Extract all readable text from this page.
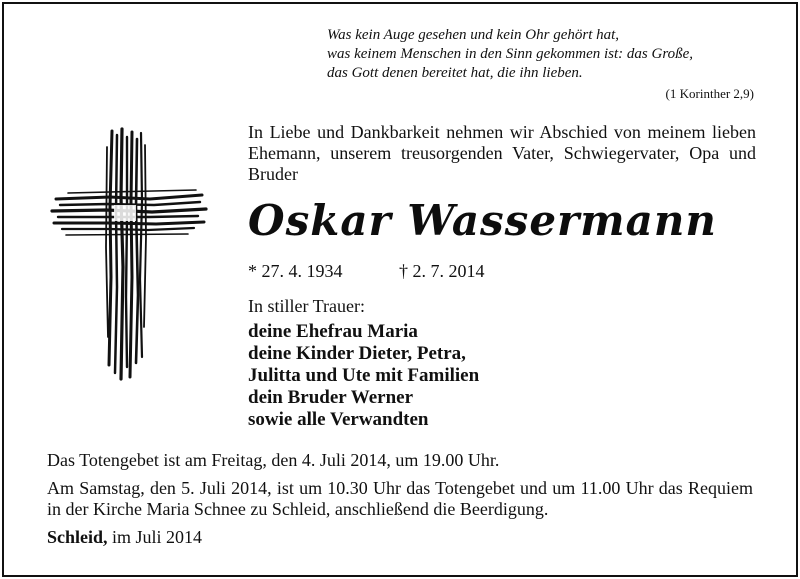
Was kein Auge gesehen und kein Ohr gehört hat,
was keinem Menschen in den Sinn gekommen ist: das Große,
das Gott denen bereitet hat, die ihn lieben.
(1 Korinther 2,9)
In Liebe und Dankbarkeit nehmen wir Abschied von meinem lieben Ehemann, unserem treusorgenden Vater, Schwiegervater, Opa und Bruder
Oskar Wassermann
* 27. 4. 1934	† 2. 7. 2014
In stiller Trauer:
deine Ehefrau Maria
deine Kinder Dieter, Petra,
Julitta und Ute mit Familien
dein Bruder Werner
sowie alle Verwandten
Das Totengebet ist am Freitag, den 4. Juli 2014, um 19.00 Uhr.
Am Samstag, den 5. Juli 2014, ist um 10.30 Uhr das Totengebet und um 11.00 Uhr das Requiem in der Kirche Maria Schnee zu Schleid, anschließend die Beerdigung.
Schleid, im Juli 2014
